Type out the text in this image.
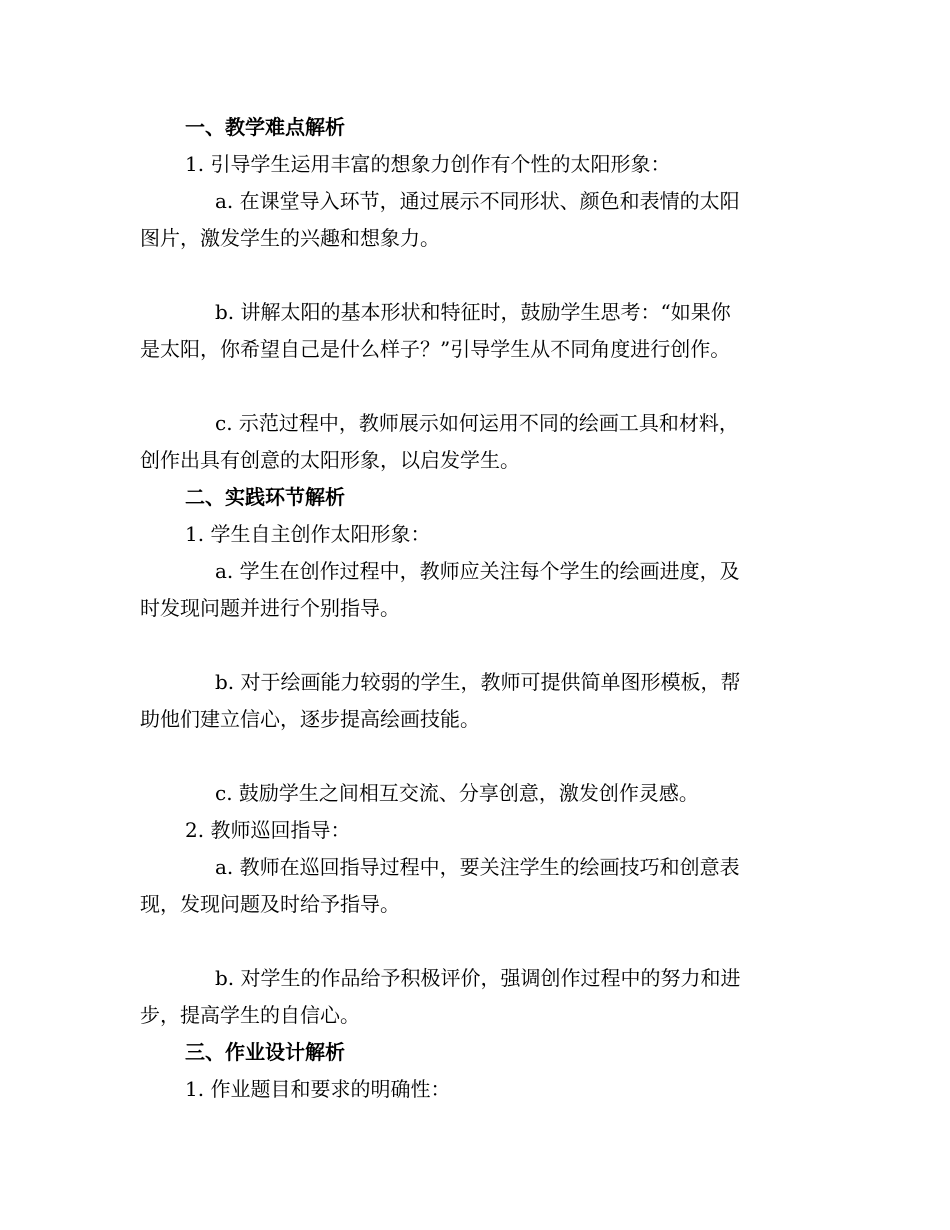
一、教学难点解析
1. 引导学生运用丰富的想象力创作有个性的太阳形象：
a. 在课堂导入环节，通过展示不同形状、颜色和表情的太阳
图片，激发学生的兴趣和想象力。
b. 讲解太阳的基本形状和特征时，鼓励学生思考：“如果你
是太阳，你希望自己是什么样子？”引导学生从不同角度进行创作。
c. 示范过程中，教师展示如何运用不同的绘画工具和材料，
创作出具有创意的太阳形象，以启发学生。
二、实践环节解析
1. 学生自主创作太阳形象：
a. 学生在创作过程中，教师应关注每个学生的绘画进度，及
时发现问题并进行个别指导。
b. 对于绘画能力较弱的学生，教师可提供简单图形模板，帮
助他们建立信心，逐步提高绘画技能。
c. 鼓励学生之间相互交流、分享创意，激发创作灵感。
2. 教师巡回指导：
a. 教师在巡回指导过程中，要关注学生的绘画技巧和创意表
现，发现问题及时给予指导。
b. 对学生的作品给予积极评价，强调创作过程中的努力和进
步，提高学生的自信心。
三、作业设计解析
1. 作业题目和要求的明确性：
